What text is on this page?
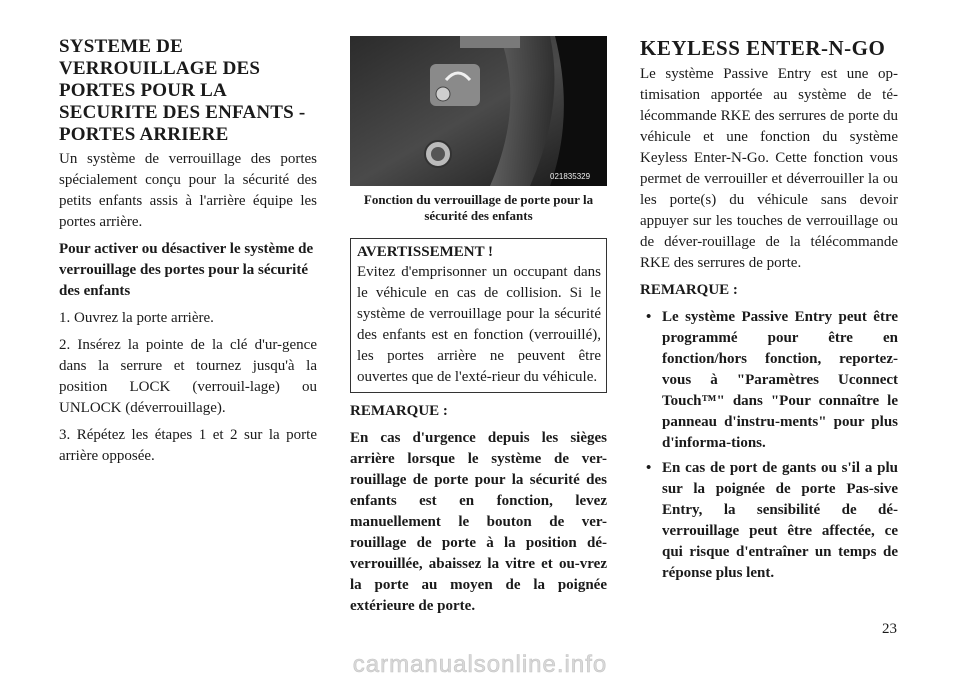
SYSTEME DE VERROUILLAGE DES PORTES POUR LA SECURITE DES ENFANTS - PORTES ARRIERE

Un système de verrouillage des portes spécialement conçu pour la sécurité des petits enfants assis à l'arrière équipe les portes arrière.

Pour activer ou désactiver le système de verrouillage des portes pour la sécurité des enfants

1. Ouvrez la porte arrière.

2. Insérez la pointe de la clé d'ur-gence dans la serrure et tournez jusqu'à la position LOCK (verrouil-lage) ou UNLOCK (déverrouillage).

3. Répétez les étapes 1 et 2 sur la porte arrière opposée.

021835329

Fonction du verrouillage de porte pour la sécurité des enfants

AVERTISSEMENT !

Evitez d'emprisonner un occupant dans le véhicule en cas de collision. Si le système de verrouillage pour la sécurité des enfants est en fonction (verrouillé), les portes arrière ne peuvent être ouvertes que de l'exté-rieur du véhicule.

REMARQUE :

En cas d'urgence depuis les sièges arrière lorsque le système de ver-rouillage de porte pour la sécurité des enfants est en fonction, levez manuellement le bouton de ver-rouillage de porte à la position dé-verrouillée, abaissez la vitre et ou-vrez la porte au moyen de la poignée extérieure de porte.

KEYLESS ENTER-N-GO

Le système Passive Entry est une op-timisation apportée au système de té-lécommande RKE des serrures de porte du véhicule et une fonction du système Keyless Enter-N-Go. Cette fonction vous permet de verrouiller et déverrouiller la ou les porte(s) du véhicule sans devoir appuyer sur les touches de verrouillage ou de déver-rouillage de la télécommande RKE des serrures de porte.

REMARQUE :

• Le système Passive Entry peut être programmé pour être en fonction/hors fonction, reportez-vous à "Paramètres Uconnect Touch™" dans "Pour connaître le panneau d'instru-ments" pour plus d'informa-tions.
• En cas de port de gants ou s'il a plu sur la poignée de porte Pas-sive Entry, la sensibilité de dé-verrouillage peut être affectée, ce qui risque d'entraîner un temps de réponse plus lent.
23
carmanualsonline.info
